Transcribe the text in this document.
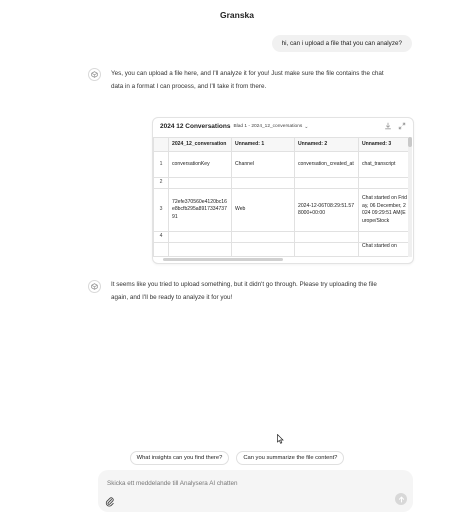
Granska
hi, can i upload a file that you can analyze?
Yes, you can upload a file here, and I'll analyze it for you! Just make sure the file contains the chat
data in a format I can process, and I'll take it from there.
2024 12 Conversations Blad 1 - 2024_12_conversations ⌄
	2024_12_conversation	Unnamed: 1	Unnamed: 2	Unnamed: 3
1	conversationKey	Channel	conversation_created_at	chat_transcript
2				
3	72efe370560e4120bc16e8bcfb295a891733473791	Web	2024-12-06T08:29:51.578000+00:00	Chat started on Friday, 06 December, 2024 09:29:51 AM(Europe/Stock
4				
				Chat started on
It seems like you tried to upload something, but it didn't go through. Please try uploading the file
again, and I'll be ready to analyze it for you!
What insights can you find there?	Can you summarize the file content?
Skicka ett meddelande till Analysera AI chatten
